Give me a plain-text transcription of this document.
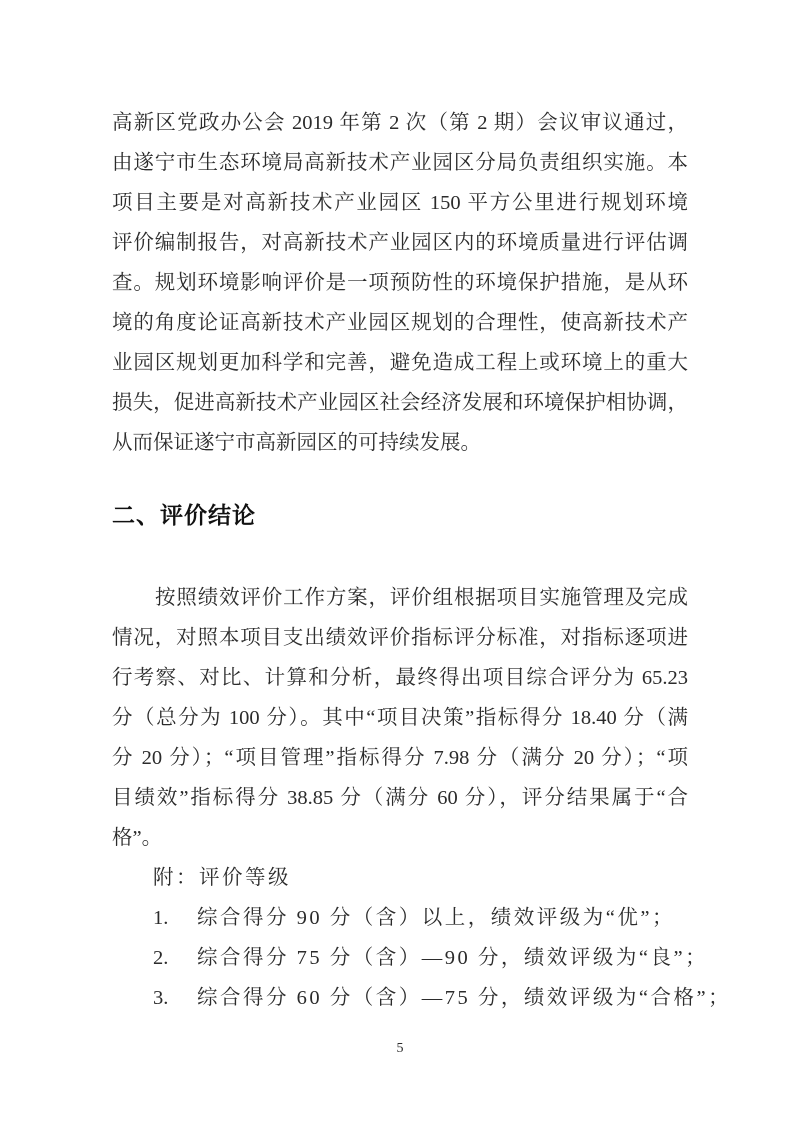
高新区党政办公会 2019 年第 2 次（第 2 期）会议审议通过，
由遂宁市生态环境局高新技术产业园区分局负责组织实施。本
项目主要是对高新技术产业园区 150 平方公里进行规划环境
评价编制报告，对高新技术产业园区内的环境质量进行评估调
查。规划环境影响评价是一项预防性的环境保护措施，是从环
境的角度论证高新技术产业园区规划的合理性，使高新技术产
业园区规划更加科学和完善，避免造成工程上或环境上的重大
损失，促进高新技术产业园区社会经济发展和环境保护相协调，
从而保证遂宁市高新园区的可持续发展。
二、评价结论
按照绩效评价工作方案，评价组根据项目实施管理及完成
情况，对照本项目支出绩效评价指标评分标准，对指标逐项进
行考察、对比、计算和分析，最终得出项目综合评分为 65.23
分（总分为 100 分）。其中“项目决策”指标得分 18.40 分（满
分 20 分）；“项目管理”指标得分 7.98 分（满分 20 分）；“项
目绩效”指标得分 38.85 分（满分 60 分），评分结果属于“合
格”。
附：评价等级
1. 综合得分 90 分（含）以上，绩效评级为“优”；
2. 综合得分 75 分（含）—90 分，绩效评级为“良”；
3. 综合得分 60 分（含）—75 分，绩效评级为“合格”；
5
